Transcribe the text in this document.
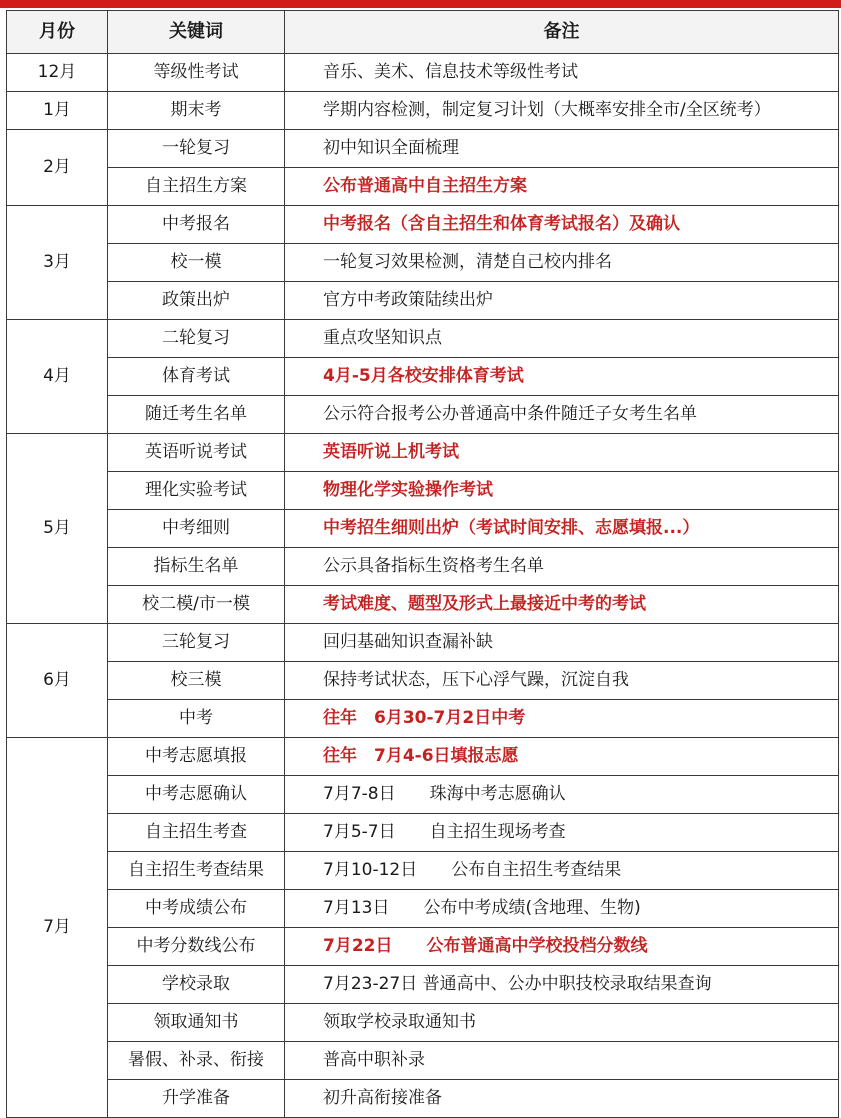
月份	关键词	备注
12月	等级性考试	音乐、美术、信息技术等级性考试
1月	期末考	学期内容检测，制定复习计划（大概率安排全市/全区统考）
2月	一轮复习	初中知识全面梳理
	自主招生方案	公布普通高中自主招生方案
3月	中考报名	中考报名（含自主招生和体育考试报名）及确认
	校一模	一轮复习效果检测，清楚自己校内排名
	政策出炉	官方中考政策陆续出炉
4月	二轮复习	重点攻坚知识点
	体育考试	4月-5月各校安排体育考试
	随迁考生名单	公示符合报考公办普通高中条件随迁子女考生名单
5月	英语听说考试	英语听说上机考试
	理化实验考试	物理化学实验操作考试
	中考细则	中考招生细则出炉（考试时间安排、志愿填报...）
	指标生名单	公示具备指标生资格考生名单
	校二模/市一模	考试难度、题型及形式上最接近中考的考试
6月	三轮复习	回归基础知识查漏补缺
	校三模	保持考试状态，压下心浮气躁，沉淀自我
	中考	往年　6月30-7月2日中考
7月	中考志愿填报	往年　7月4-6日填报志愿
	中考志愿确认	7月7-8日　　珠海中考志愿确认
	自主招生考查	7月5-7日　　自主招生现场考查
	自主招生考查结果	7月10-12日　　公布自主招生考查结果
	中考成绩公布	7月13日　　公布中考成绩(含地理、生物)
	中考分数线公布	7月22日　　公布普通高中学校投档分数线
	学校录取	7月23-27日 普通高中、公办中职技校录取结果查询
	领取通知书	领取学校录取通知书
	暑假、补录、衔接	普高中职补录
	升学准备	初升高衔接准备
